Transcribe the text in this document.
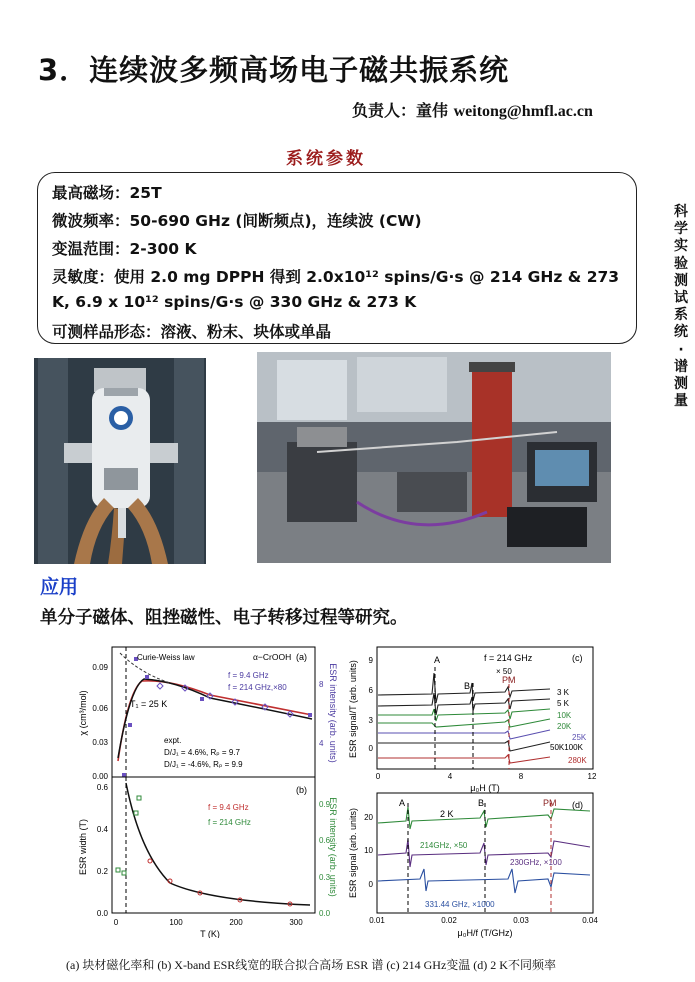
3．连续波多频高场电子磁共振系统
负责人：童伟 weitong@hmfl.ac.cn
系统参数

最高磁场：25T

微波频率：50-690 GHz (间断频点)，连续波 (CW)

变温范围：2-300 K

灵敏度：使用 2.0 mg DPPH 得到 2.0x10¹² spins/G·s @ 214 GHz & 273

K, 6.9 x 10¹² spins/G·s @ 330 GHz & 273 K

可测样品形态：溶液、粉末、块体或单晶

科
学
实
验
测
试
系
统
·
谱
测
量
应用
单分子磁体、阻挫磁性、电子转移过程等研究。
χ (cm³/mol)	ESR intensity (arb. units)
0.00
0.03
0.06
0.09
4
8
Curie-Weiss law	α−CrOOH (a)
f = 9.4 GHz
f = 214 GHz,×80
T₁ = 25 K
expt.
D/J₁ = 4.6%, Rₚ = 9.7
D/J₁ = -4.6%, Rₚ = 9.9
ESR width (T)	ESR intensity (arb. units)
0.0
0.2
0.4
0.6
0.0
0.3
0.6
0.9
0	100	200	300
T (K)
(b)
f = 9.4 GHz
f = 214 GHz
ESR signal/T (arb. units) 0
3
6
9
0	4	8	12
μ₀H (T)
A
B
PM
f = 214 GHz
× 50
(c)
3 K
5 K
10K
20K
25K
50K100K
280K
ESR signal (arb. units) 0
10
20
0.01	0.02	0.03	0.04
μ₀H/f (T/GHz)
A	B	PM
2 K
(d)
214GHz, ×50
230GHz, ×100
331.44 GHz, ×1000
(a) 块材磁化率和 (b) X-band ESR线宽的联合拟合高场 ESR 谱 (c) 214 GHz变温 (d) 2 K不同频率
